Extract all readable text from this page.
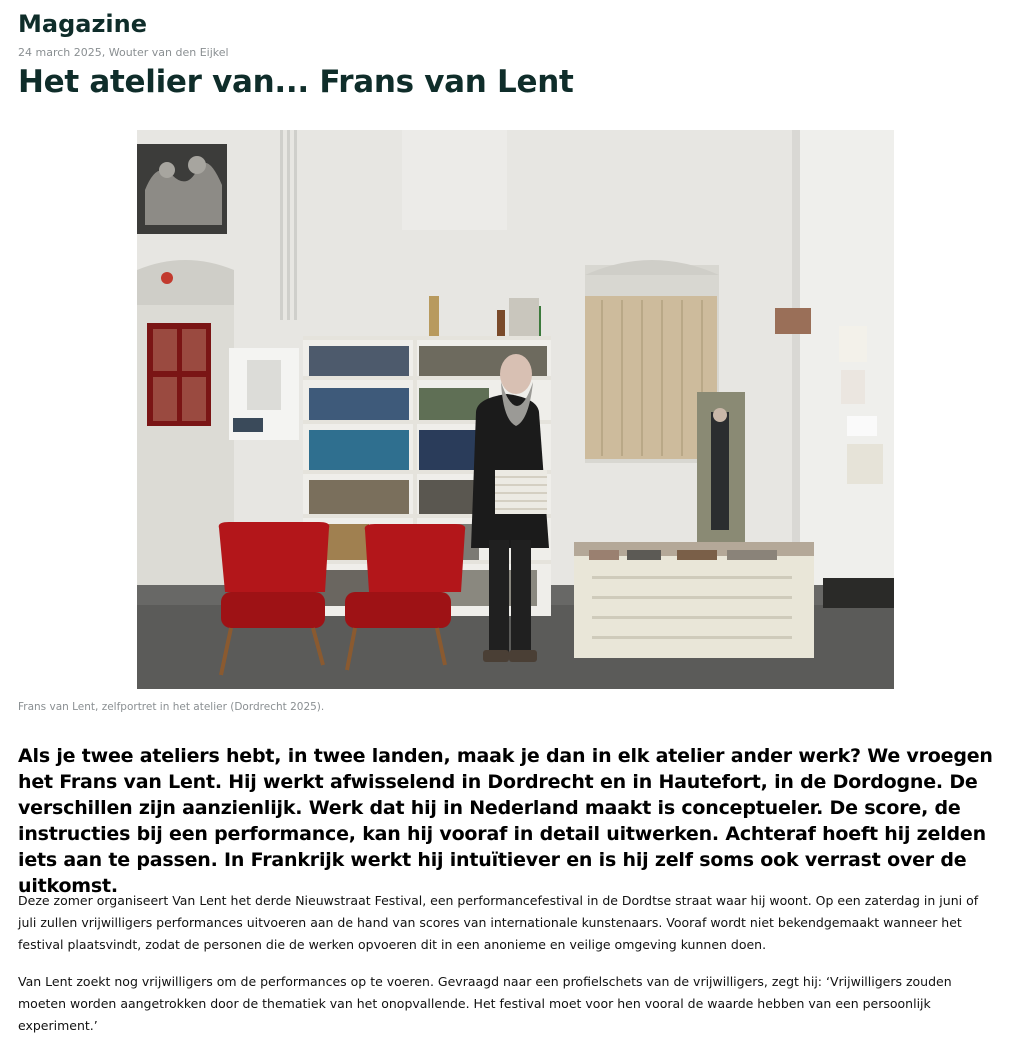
Magazine

24 march 2025, Wouter van den Eijkel

Het atelier van... Frans van Lent

Frans van Lent, zelfportret in het atelier (Dordrecht 2025).

Als je twee ateliers hebt, in twee landen, maak je dan in elk atelier ander werk? We vroegen het Frans van Lent. Hij werkt afwisselend in Dordrecht en in Hautefort, in de Dordogne. De verschillen zijn aanzienlijk. Werk dat hij in Nederland maakt is conceptueler. De score, de instructies bij een performance, kan hij vooraf in detail uitwerken. Achteraf hoeft hij zelden iets aan te passen. In Frankrijk werkt hij intuïtiever en is hij zelf soms ook verrast over de uitkomst.

Deze zomer organiseert Van Lent het derde Nieuwstraat Festival, een performancefestival in de Dordtse straat waar hij woont. Op een zaterdag in juni of juli zullen vrijwilligers performances uitvoeren aan de hand van scores van internationale kunstenaars. Vooraf wordt niet bekendgemaakt wanneer het festival plaatsvindt, zodat de personen die de werken opvoeren dit in een anonieme en veilige omgeving kunnen doen.

Van Lent zoekt nog vrijwilligers om de performances op te voeren. Gevraagd naar een profielschets van de vrijwilligers, zegt hij: ‘Vrijwilligers zouden moeten worden aangetrokken door de thematiek van het onopvallende. Het festival moet voor hen vooral de waarde hebben van een persoonlijk experiment.’
